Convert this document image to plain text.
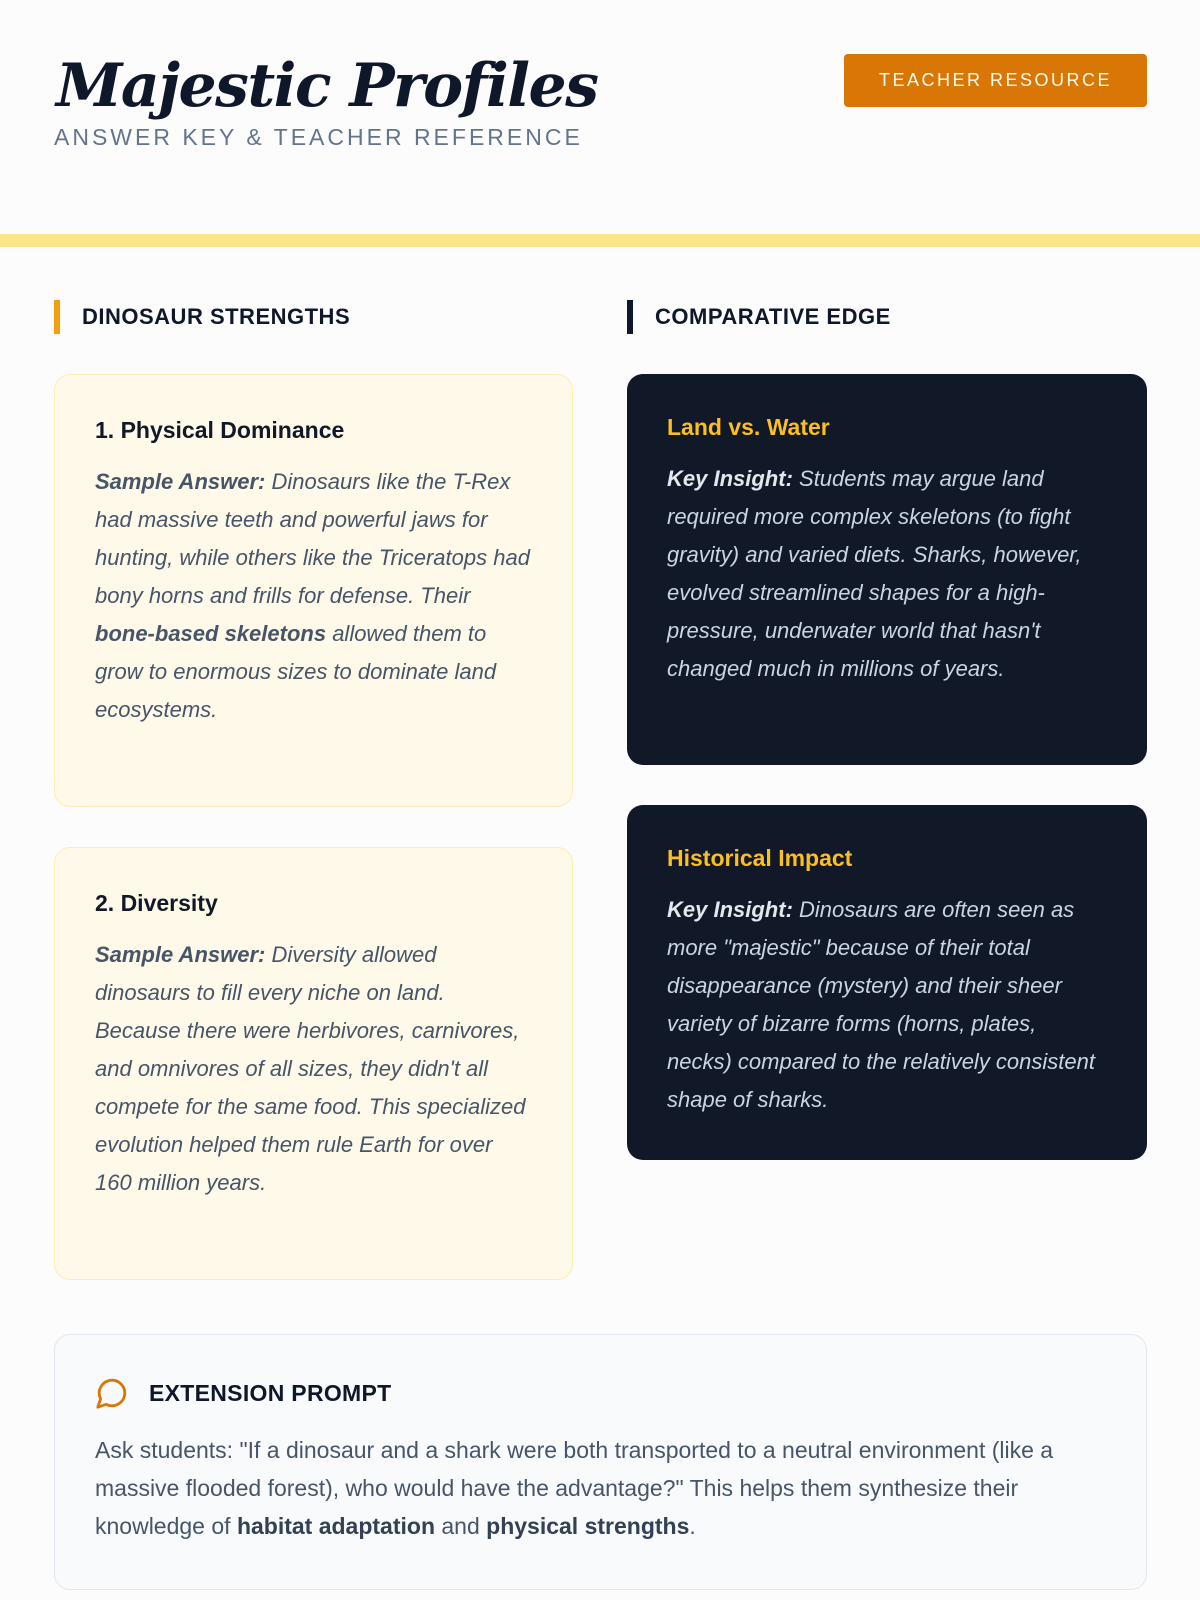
Majestic Profiles
ANSWER KEY & TEACHER REFERENCE
TEACHER RESOURCE
DINOSAUR STRENGTHS	COMPARATIVE EDGE
1. Physical Dominance

Sample Answer: Dinosaurs like the T-Rex had massive teeth and powerful jaws for hunting, while others like the Triceratops had bony horns and frills for defense. Their bone-based skeletons allowed them to grow to enormous sizes to dominate land ecosystems.

2. Diversity

Sample Answer: Diversity allowed dinosaurs to fill every niche on land. Because there were herbivores, carnivores, and omnivores of all sizes, they didn't all compete for the same food. This specialized evolution helped them rule Earth for over 160 million years.

Land vs. Water

Key Insight: Students may argue land required more complex skeletons (to fight gravity) and varied diets. Sharks, however, evolved streamlined shapes for a high-pressure, underwater world that hasn't changed much in millions of years.

Historical Impact

Key Insight: Dinosaurs are often seen as more "majestic" because of their total disappearance (mystery) and their sheer variety of bizarre forms (horns, plates, necks) compared to the relatively consistent shape of sharks.

EXTENSION PROMPT

Ask students: "If a dinosaur and a shark were both transported to a neutral environment (like a massive flooded forest), who would have the advantage?" This helps them synthesize their knowledge of habitat adaptation and physical strengths.
